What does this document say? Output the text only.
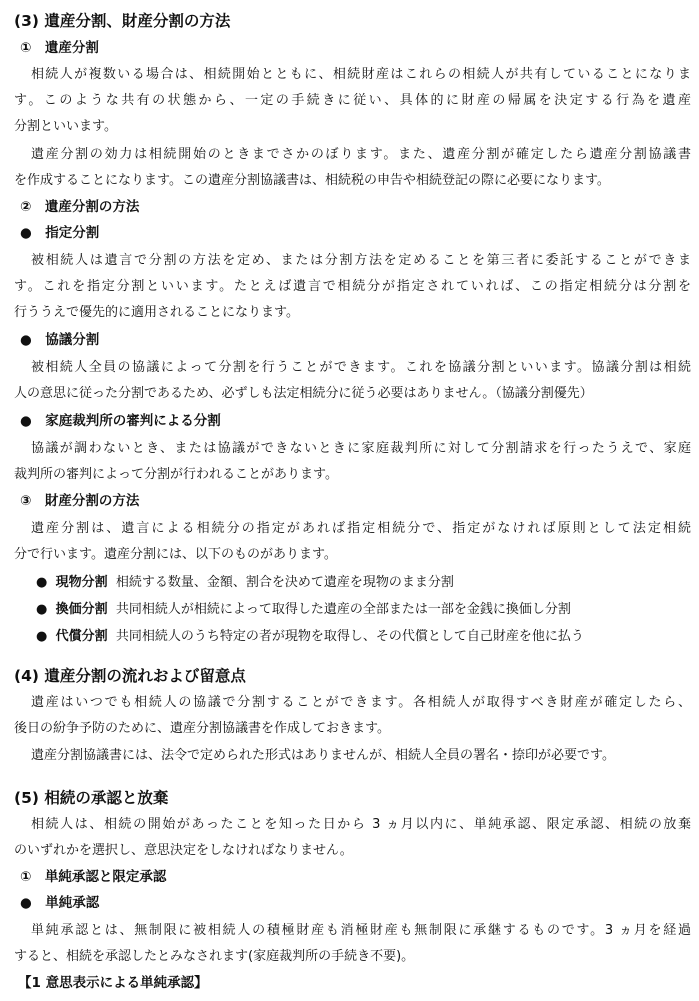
(3) 遺産分割、財産分割の方法
①　遺産分割
相続人が複数いる場合は、相続開始とともに、相続財産はこれらの相続人が共有していることになりま
す。このような共有の状態から、一定の手続きに従い、具体的に財産の帰属を決定する行為を遺産
分割といいます。
遺産分割の効力は相続開始のときまでさかのぼります。また、遺産分割が確定したら遺産分割協議書
を作成することになります。この遺産分割協議書は、相続税の申告や相続登記の際に必要になります。
②　遺産分割の方法
●　指定分割
被相続人は遺言で分割の方法を定め、または分割方法を定めることを第三者に委託することができま
す。これを指定分割といいます。たとえば遺言で相続分が指定されていれば、この指定相続分は分割を
行ううえで優先的に適用されることになります。
●　協議分割
被相続人全員の協議によって分割を行うことができます。これを協議分割といいます。協議分割は相続
人の意思に従った分割であるため、必ずしも法定相続分に従う必要はありません。（協議分割優先）
●　家庭裁判所の審判による分割
協議が調わないとき、または協議ができないときに家庭裁判所に対して分割請求を行ったうえで、家庭
裁判所の審判によって分割が行われることがあります。
③　財産分割の方法
遺産分割は、遺言による相続分の指定があれば指定相続分で、指定がなければ原則として法定相続
分で行います。遺産分割には、以下のものがあります。
● 現物分割 相続する数量、金額、割合を決めて遺産を現物のまま分割
● 換価分割 共同相続人が相続によって取得した遺産の全部または一部を金銭に換価し分割
● 代償分割 共同相続人のうち特定の者が現物を取得し、その代償として自己財産を他に払う
(4) 遺産分割の流れおよび留意点
遺産はいつでも相続人の協議で分割することができます。各相続人が取得すべき財産が確定したら、
後日の紛争予防のために、遺産分割協議書を作成しておきます。
遺産分割協議書には、法令で定められた形式はありませんが、相続人全員の署名・捺印が必要です。
(5) 相続の承認と放棄
相続人は、相続の開始があったことを知った日から 3 ヵ月以内に、単純承認、限定承認、相続の放棄
のいずれかを選択し、意思決定をしなければなりません。
①　単純承認と限定承認
●　単純承認
単純承認とは、無制限に被相続人の積極財産も消極財産も無制限に承継するものです。3 ヵ月を経過
すると、相続を承認したとみなされます(家庭裁判所の手続き不要)。
【1 意思表示による単純承認】
